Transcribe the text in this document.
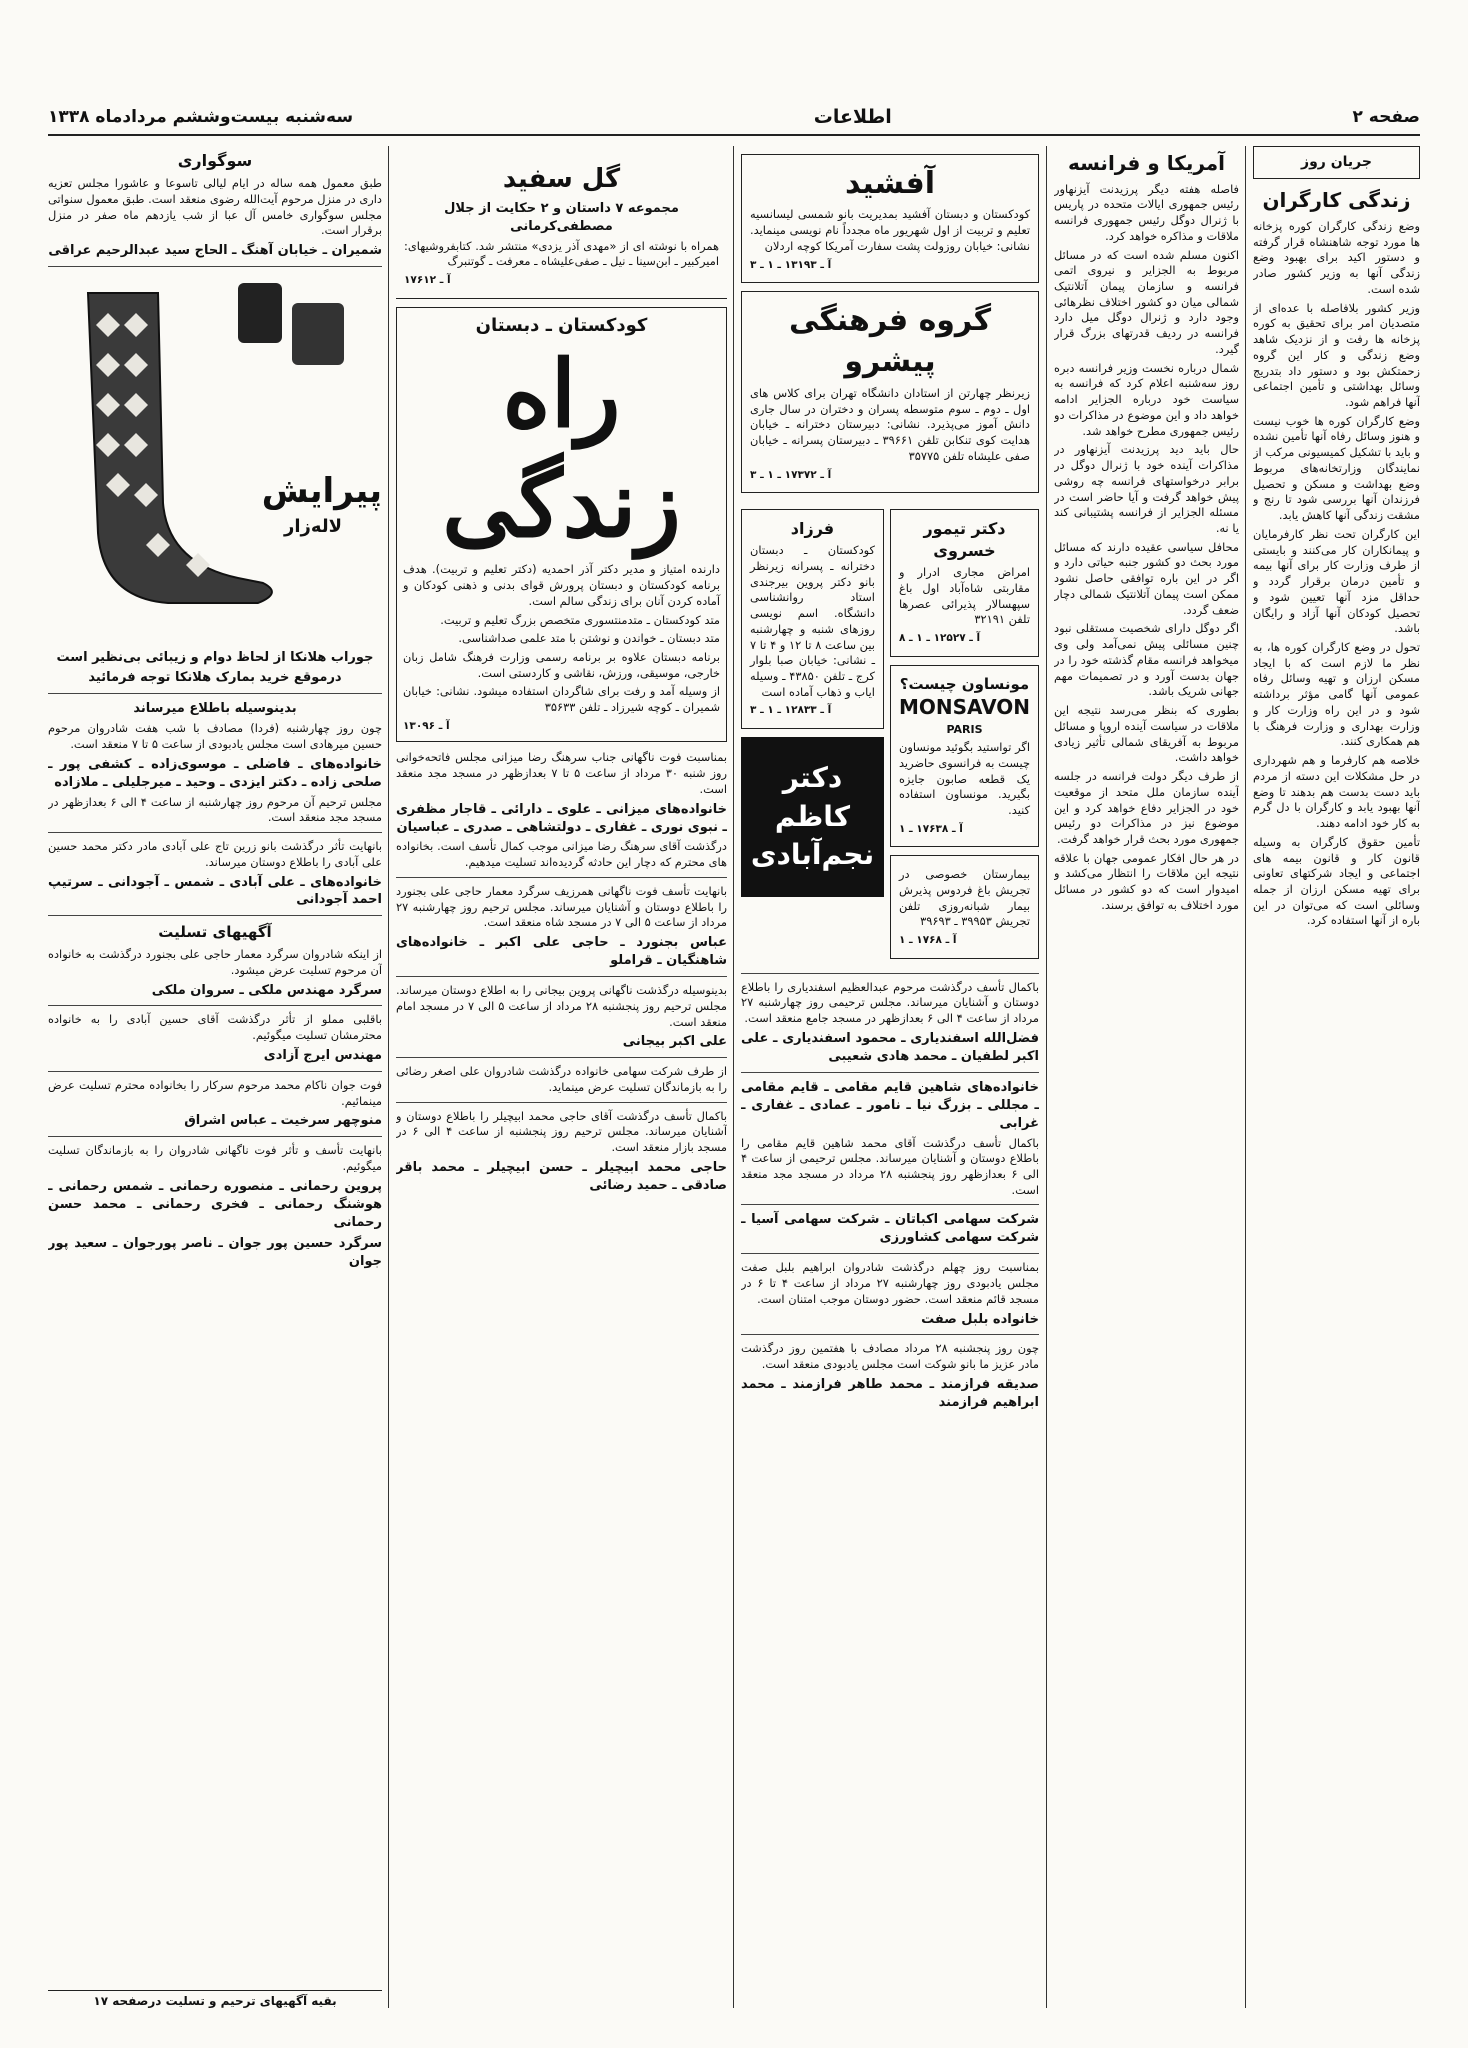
صفحه ۲
اطلاعات
سه‌شنبه بیست‌وششم مردادماه ۱۳۳۸
جریان روز
زندگی کارگران

وضع زندگی کارگران کوره پزخانه ها مورد توجه شاهنشاه قرار گرفته و دستور اکید برای بهبود وضع زندگی آنها به وزیر کشور صادر شده است.

وزیر کشور بلافاصله با عده‌ای از متصدیان امر برای تحقیق به کوره پزخانه ها رفت و از نزدیک شاهد وضع زندگی و کار این گروه زحمتکش بود و دستور داد بتدریج وسائل بهداشتی و تأمین اجتماعی آنها فراهم شود.

وضع کارگران کوره ها خوب نیست و هنوز وسائل رفاه آنها تأمین نشده و باید با تشکیل کمیسیونی مرکب از نمایندگان وزارتخانه‌های مربوط وضع بهداشت و مسکن و تحصیل فرزندان آنها بررسی شود تا رنج و مشقت زندگی آنها کاهش یابد.

این کارگران تحت نظر کارفرمایان و پیمانکاران کار می‌کنند و بایستی از طرف وزارت کار برای آنها بیمه و تأمین درمان برقرار گردد و حداقل مزد آنها تعیین شود و تحصیل کودکان آنها آزاد و رایگان باشد.

تحول در وضع کارگران کوره ها، به نظر ما لازم است که با ایجاد مسکن ارزان و تهیه وسائل رفاه عمومی آنها گامی مؤثر برداشته شود و در این راه وزارت کار و وزارت بهداری و وزارت فرهنگ با هم همکاری کنند.

خلاصه هم کارفرما و هم شهرداری در حل مشکلات این دسته از مردم باید دست بدست هم بدهند تا وضع آنها بهبود یابد و کارگران با دل گرم به کار خود ادامه دهند.

تأمین حقوق کارگران به وسیله قانون کار و قانون بیمه های اجتماعی و ایجاد شرکتهای تعاونی برای تهیه مسکن ارزان از جمله وسائلی است که می‌توان در این باره از آنها استفاده کرد.

آمریکا و فرانسه

فاصله هفته دیگر پرزیدنت آیزنهاور رئیس جمهوری ایالات متحده در پاریس با ژنرال دوگل رئیس جمهوری فرانسه ملاقات و مذاکره خواهد کرد.

اکنون مسلم شده است که در مسائل مربوط به الجزایر و نیروی اتمی فرانسه و سازمان پیمان آتلانتیک شمالی میان دو کشور اختلاف نظرهائی وجود دارد و ژنرال دوگل میل دارد فرانسه در ردیف قدرتهای بزرگ قرار گیرد.

شمال درباره نخست وزیر فرانسه دبره روز سه‌شنبه اعلام کرد که فرانسه به سیاست خود درباره الجزایر ادامه خواهد داد و این موضوع در مذاکرات دو رئیس جمهوری مطرح خواهد شد.

حال باید دید پرزیدنت آیزنهاور در مذاکرات آینده خود با ژنرال دوگل در برابر درخواستهای فرانسه چه روشی پیش خواهد گرفت و آیا حاضر است در مسئله الجزایر از فرانسه پشتیبانی کند یا نه.

محافل سیاسی عقیده دارند که مسائل مورد بحث دو کشور جنبه حیاتی دارد و اگر در این باره توافقی حاصل نشود ممکن است پیمان آتلانتیک شمالی دچار ضعف گردد.

اگر دوگل دارای شخصیت مستقلی نبود چنین مسائلی پیش نمی‌آمد ولی وی میخواهد فرانسه مقام گذشته خود را در جهان بدست آورد و در تصمیمات مهم جهانی شریک باشد.

بطوری که بنظر می‌رسد نتیجه این ملاقات در سیاست آینده اروپا و مسائل مربوط به آفریقای شمالی تأثیر زیادی خواهد داشت.

از طرف دیگر دولت فرانسه در جلسه آینده سازمان ملل متحد از موقعیت خود در الجزایر دفاع خواهد کرد و این موضوع نیز در مذاکرات دو رئیس جمهوری مورد بحث قرار خواهد گرفت.

در هر حال افکار عمومی جهان با علاقه نتیجه این ملاقات را انتظار می‌کشد و امیدوار است که دو کشور در مسائل مورد اختلاف به توافق برسند.

آفشید
کودکستان و دبستان آفشید بمدیریت بانو شمسی لیسانسیه تعلیم و تربیت از اول شهریور ماه مجدداً نام نویسی مینماید. نشانی: خیابان روزولت پشت سفارت آمریکا کوچه اردلان
آ ـ ۱۳۱۹۳ ـ ۱ ـ ۳
گروه فرهنگی پیشرو
زیرنظر چهارتن از استادان دانشگاه تهران برای کلاس های اول ـ دوم ـ سوم متوسطه پسران و دختران در سال جاری دانش آموز می‌پذیرد. نشانی: دبیرستان دخترانه ـ خیابان هدایت کوی تنکابن تلفن ۳۹۶۶۱ ـ دبیرستان پسرانه ـ خیابان صفی علیشاه تلفن ۳۵۷۷۵
آ ـ ۱۷۳۷۲ ـ ۱ ـ ۳
دکتر تیمور خسروی
امراض مجاری ادرار و مقاربتی شاه‌آباد اول باغ سپهسالار پذیرائی عصرها تلفن ۳۲۱۹۱
آ ـ ۱۲۵۲۷ ـ ۱ ـ ۸
مونساون چیست؟
MONSAVON
PARIS
اگر تواستید بگوئید مونساون چیست به فرانسوی حاضرید یک قطعه صابون جایزه بگیرید. مونساون استفاده کنید.
آ ـ ۱۷۶۳۸ ـ ۱
بیمارستان خصوصی در تجریش باغ فردوس پذیرش بیمار شبانه‌روزی تلفن تجریش ۳۹۹۵۳ ـ ۳۹۶۹۳
آ ـ ۱۷۶۸ ـ ۱
فرزاد
کودکستان ـ دبستان دخترانه ـ پسرانه زیرنظر بانو دکتر پروین بیرجندی استاد روانشناسی دانشگاه. اسم نویسی روزهای شنبه و چهارشنبه بین ساعت ۸ تا ۱۲ و ۴ تا ۷ ـ نشانی: خیابان صبا بلوار کرج ـ تلفن ۴۳۸۵۰ ـ وسیله ایاب و ذهاب آماده است
آ ـ ۱۲۸۳۳ ـ ۱ ـ ۳
دکتر کاظم نجم‌آبادی

باکمال تأسف درگذشت مرحوم عبدالعظیم اسفندیاری را باطلاع دوستان و آشنایان میرساند. مجلس ترحیمی روز چهارشنبه ۲۷ مرداد از ساعت ۴ الی ۶ بعدازظهر در مسجد جامع منعقد است.

فضل‌الله اسفندیاری ـ محمود اسفندیاری ـ علی اکبر لطفیان ـ محمد هادی شعیبی

خانواده‌های شاهین قایم مقامی ـ قایم مقامی ـ مجللی ـ بزرگ نیا ـ نامور ـ عمادی ـ غفاری ـ غرابی

باکمال تأسف درگذشت آقای محمد شاهین قایم مقامی را باطلاع دوستان و آشنایان میرساند. مجلس ترحیمی از ساعت ۴ الی ۶ بعدازظهر روز پنجشنبه ۲۸ مرداد در مسجد مجد منعقد است.

شرکت سهامی اکباتان ـ شرکت سهامی آسیا ـ شرکت سهامی کشاورزی

بمناسبت روز چهلم درگذشت شادروان ابراهیم بلبل صفت مجلس یادبودی روز چهارشنبه ۲۷ مرداد از ساعت ۴ تا ۶ در مسجد قائم منعقد است. حضور دوستان موجب امتنان است.

خانواده بلبل صفت

چون روز پنجشنبه ۲۸ مرداد مصادف با هفتمین روز درگذشت مادر عزیز ما بانو شوکت است مجلس یادبودی منعقد است.

صدیقه فرازمند ـ محمد طاهر فرازمند ـ محمد ابراهیم فرازمند

گل سفید
مجموعه ۷ داستان و ۲ حکایت از جلال مصطفی‌کرمانی
همراه با نوشته ای از «مهدی آذر یزدی» منتشر شد. کتابفروشیهای: امیرکبیر ـ ابن‌سینا ـ نیل ـ صفی‌علیشاه ـ معرفت ـ گوتنبرگ
آ ـ ۱۷۶۱۲
کودکستان ـ دبستان
راه زندگی

دارنده امتیاز و مدیر دکتر آذر احمدیه (دکتر تعلیم و تربیت). هدف برنامه کودکستان و دبستان پرورش قوای بدنی و ذهنی کودکان و آماده کردن آنان برای زندگی سالم است.

متد کودکستان ـ متدمنتسوری متخصص بزرگ تعلیم و تربیت.

متد دبستان ـ خواندن و نوشتن با متد علمی صداشناسی.

برنامه دبستان علاوه بر برنامه رسمی وزارت فرهنگ شامل زبان خارجی، موسیقی، ورزش، نقاشی و کاردستی است.

از وسیله آمد و رفت برای شاگردان استفاده میشود. نشانی: خیابان شمیران ـ کوچه شیرزاد ـ تلفن ۳۵۶۳۳

آ ـ ۱۳۰۹۶

بمناسبت فوت ناگهانی جناب سرهنگ رضا میزانی مجلس فاتحه‌خوانی روز شنبه ۳۰ مرداد از ساعت ۵ تا ۷ بعدازظهر در مسجد مجد منعقد است.

خانواده‌های میزانی ـ علوی ـ دارائی ـ قاجار مظفری ـ نبوی نوری ـ غفاری ـ دولتشاهی ـ صدری ـ عباسیان

درگذشت آقای سرهنگ رضا میزانی موجب کمال تأسف است. بخانواده های محترم که دچار این حادثه گردیده‌اند تسلیت میدهیم.

بانهایت تأسف فوت ناگهانی همرزیف سرگرد معمار حاجی علی بجنورد را باطلاع دوستان و آشنایان میرساند. مجلس ترحیم روز چهارشنبه ۲۷ مرداد از ساعت ۵ الی ۷ در مسجد شاه منعقد است.

عباس بجنورد ـ حاجی علی اکبر ـ خانواده‌های شاهنگیان ـ قراملو

بدینوسیله درگذشت ناگهانی پروین بیجانی را به اطلاع دوستان میرساند. مجلس ترحیم روز پنجشنبه ۲۸ مرداد از ساعت ۵ الی ۷ در مسجد امام منعقد است.

علی اکبر بیجانی

از طرف شرکت سهامی خانواده درگذشت شادروان علی اصغر رضائی را به بازماندگان تسلیت عرض مینماید.

باکمال تأسف درگذشت آقای حاجی محمد ابیچیلر را باطلاع دوستان و آشنایان میرساند. مجلس ترحیم روز پنجشنبه از ساعت ۴ الی ۶ در مسجد بازار منعقد است.

حاجی محمد ابیچیلر ـ حسن ابیچیلر ـ محمد باقر صادقی ـ حمید رضائی

سوگواری

طبق معمول همه ساله در ایام لیالی تاسوعا و عاشورا مجلس تعزیه داری در منزل مرحوم آیت‌الله رضوی منعقد است. طبق معمول سنواتی مجلس سوگواری خامس آل عبا از شب یازدهم ماه صفر در منزل برقرار است.

شمیران ـ خیابان آهنگ ـ الحاج سید عبدالرحیم عراقی

پیرایش
لاله‌زار
جوراب هلانکا از لحاظ دوام و زیبائی بی‌نظیر است
درموقع خرید بمارک هلانکا توجه فرمائید
بدینوسیله باطلاع میرساند

چون روز چهارشنبه (فردا) مصادف با شب هفت شادروان مرحوم حسین میرهادی است مجلس یادبودی از ساعت ۵ تا ۷ منعقد است.

خانواده‌های ـ فاضلی ـ موسوی‌زاده ـ کشفی پور ـ صلحی زاده ـ دکتر ایزدی ـ وحید ـ میرجلیلی ـ ملازاده

مجلس ترحیم آن مرحوم روز چهارشنبه از ساعت ۴ الی ۶ بعدازظهر در مسجد مجد منعقد است.

بانهایت تأثر درگذشت بانو زرین تاج علی آبادی مادر دکتر محمد حسین علی آبادی را باطلاع دوستان میرساند.

خانواده‌های ـ علی آبادی ـ شمس ـ آجودانی ـ سرتیپ احمد آجودانی

آگهیهای تسلیت

از اینکه شادروان سرگرد معمار حاجی علی بجنورد درگذشت به خانواده آن مرحوم تسلیت عرض میشود.

سرگرد مهندس ملکی ـ سروان ملکی

باقلبی مملو از تأثر درگذشت آقای حسین آبادی را به خانواده محترمشان تسلیت میگوئیم.

مهندس ایرج آزادی

فوت جوان ناکام محمد مرحوم سرکار را بخانواده محترم تسلیت عرض مینمائیم.

منوچهر سرخیت ـ عباس اشراق

بانهایت تأسف و تأثر فوت ناگهانی شادروان را به بازماندگان تسلیت میگوئیم.

پروین رحمانی ـ منصوره رحمانی ـ شمس رحمانی ـ هوشنگ رحمانی ـ فخری رحمانی ـ محمد حسن رحمانی

سرگرد حسین پور جوان ـ ناصر پورجوان ـ سعید پور جوان

بقیه آگهیهای ترحیم و تسلیت درصفحه ۱۷
